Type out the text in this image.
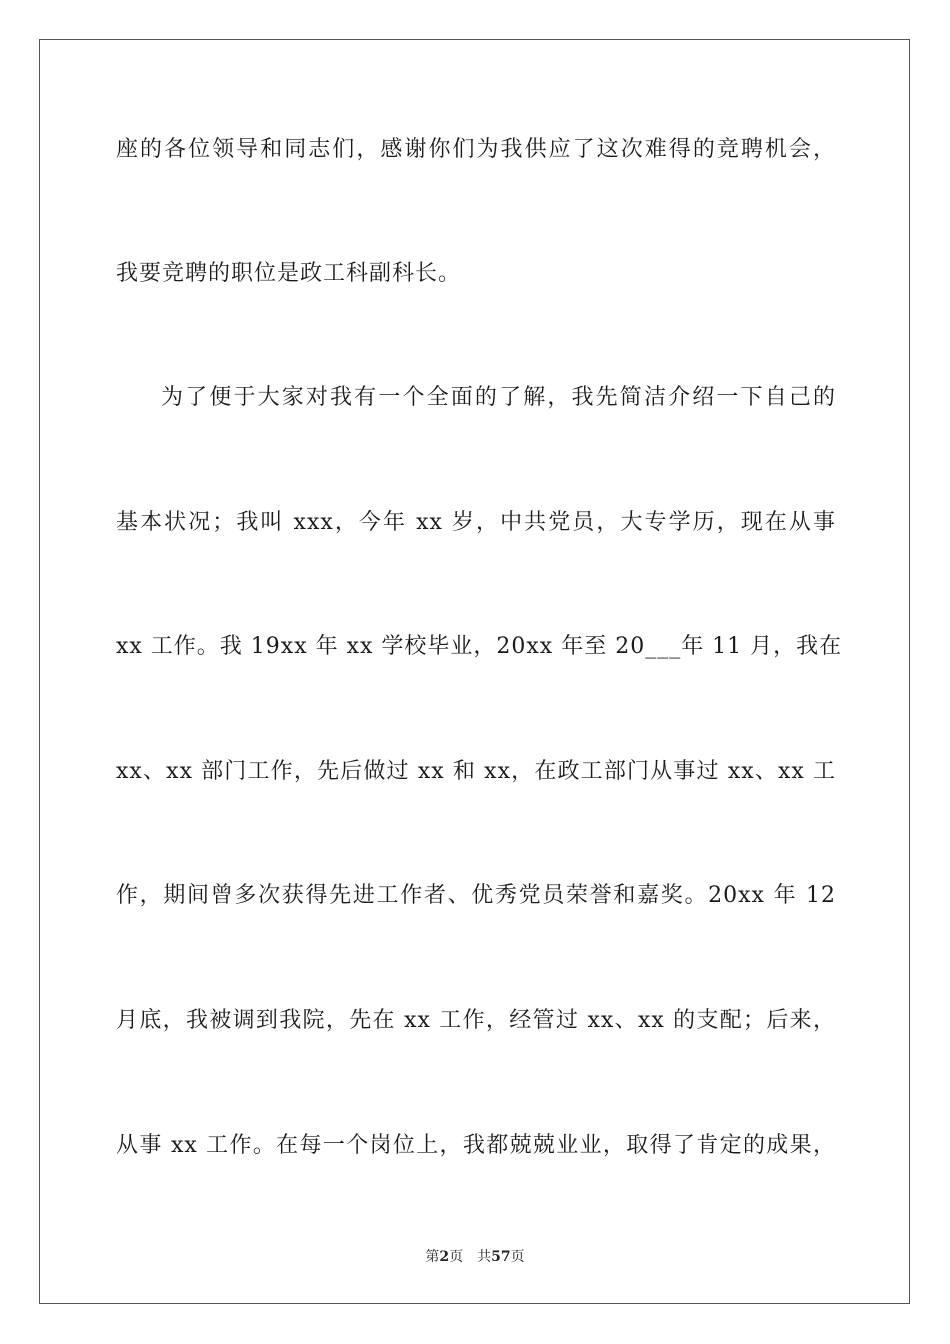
座的各位领导和同志们，感谢你们为我供应了这次难得的竞聘机会，
我要竞聘的职位是政工科副科长。
为了便于大家对我有一个全面的了解，我先简洁介绍一下自己的
基本状况；我叫 xxx，今年 xx 岁，中共党员，大专学历，现在从事
xx 工作。我 19xx 年 xx 学校毕业，20xx 年至 20___年 11 月，我在
xx、xx 部门工作，先后做过 xx 和 xx，在政工部门从事过 xx、xx 工
作，期间曾多次获得先进工作者、优秀党员荣誉和嘉奖。20xx 年 12
月底，我被调到我院，先在 xx 工作，经管过 xx、xx 的支配；后来，
从事 xx 工作。在每一个岗位上，我都兢兢业业，取得了肯定的成果，
第2页 共57页
